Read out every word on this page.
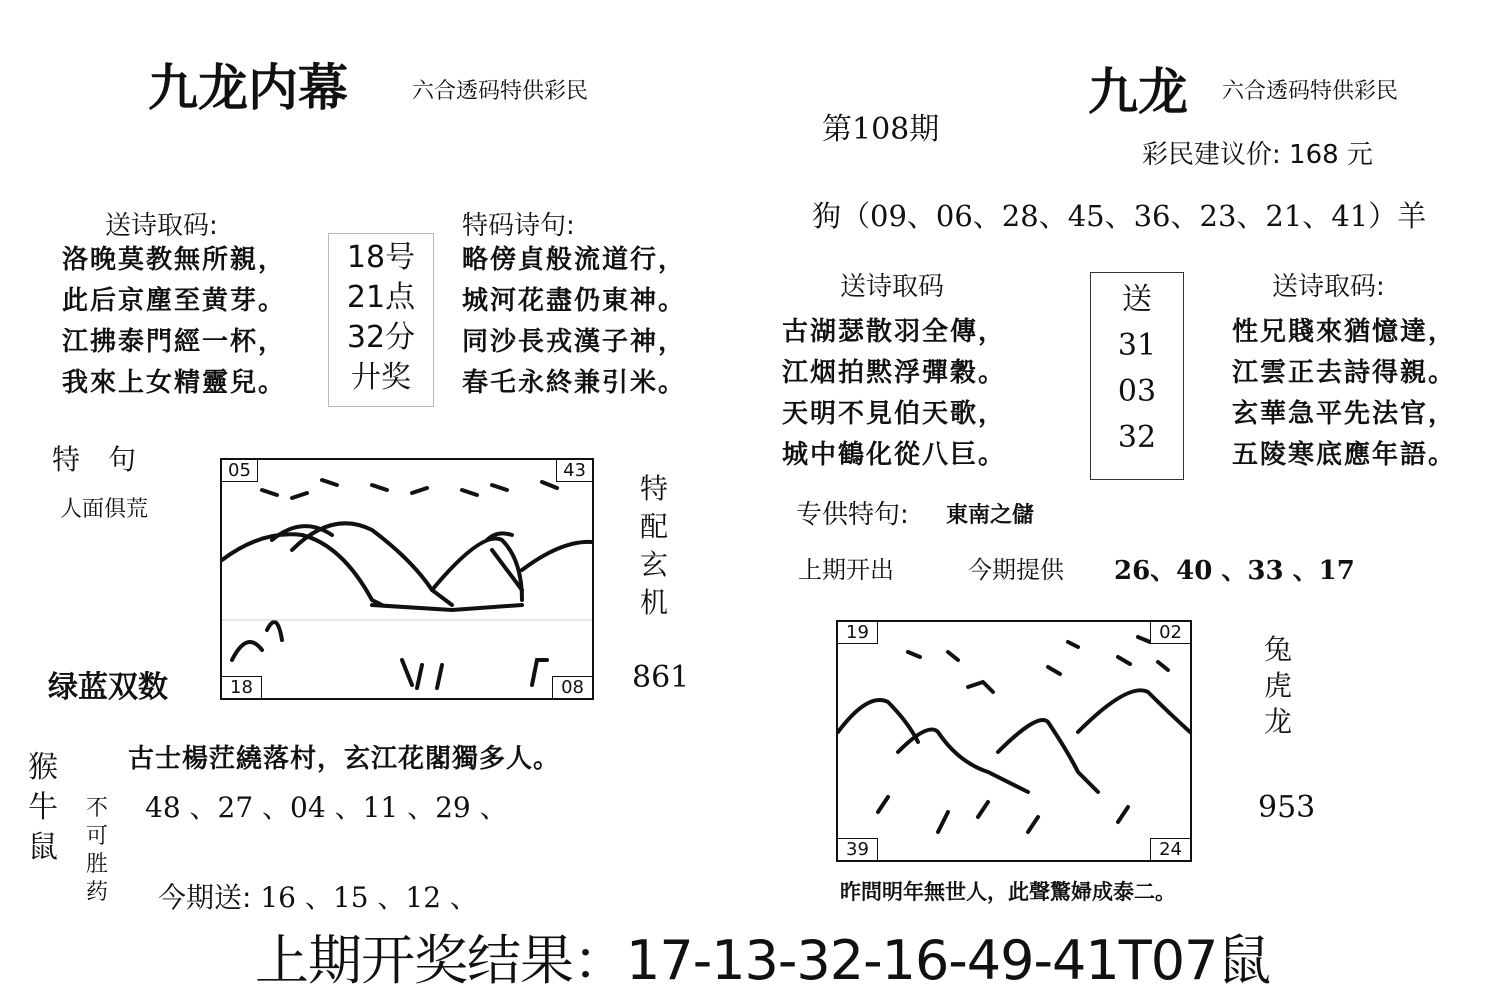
九龙内幕	六合透码特供彩民
送诗取码:
洛晚莫教無所親，
此后京塵至黄芽。
江拂泰門經一杯，
我來上女精靈兒。
18号
21点
32分
廾奖
特码诗句:
略傍貞般流道行，
城河花盡仍東神。
同沙長戎漢子神，
春乇永終兼引米。
特　句
人面俱荒
05	43
18	08
特
配
玄
机
861
绿蓝双数
古士楊茳繞落村，玄江花閣獨多人。
猴
牛
鼠
不
可
胜
药
48 、27 、04 、11 、29 、
今期送: 16 、15 、12 、
九龙 六合透码特供彩民
第108期
彩民建议价: 168 元
狗（09、06、28、45、36、23、21、41）羊
送诗取码
古湖瑟散羽全傳，
江烟拍黙浮彈穀。
天明不見伯天歌，
城中鶴化從八巨。
送
31
03
32
送诗取码:
性兄賤來猶憶達，
江雲正去詩得親。
玄華急平先法官，
五陵寒底應年語。
专供特句: 東南之儲
上期开出	今期提供 26、40 、33 、17
19	02
39	24
兔
虎
龙
953
昨問明年無世人，此聲驚婦成泰二。
上期开奖结果：17-13-32-16-49-41T07鼠
